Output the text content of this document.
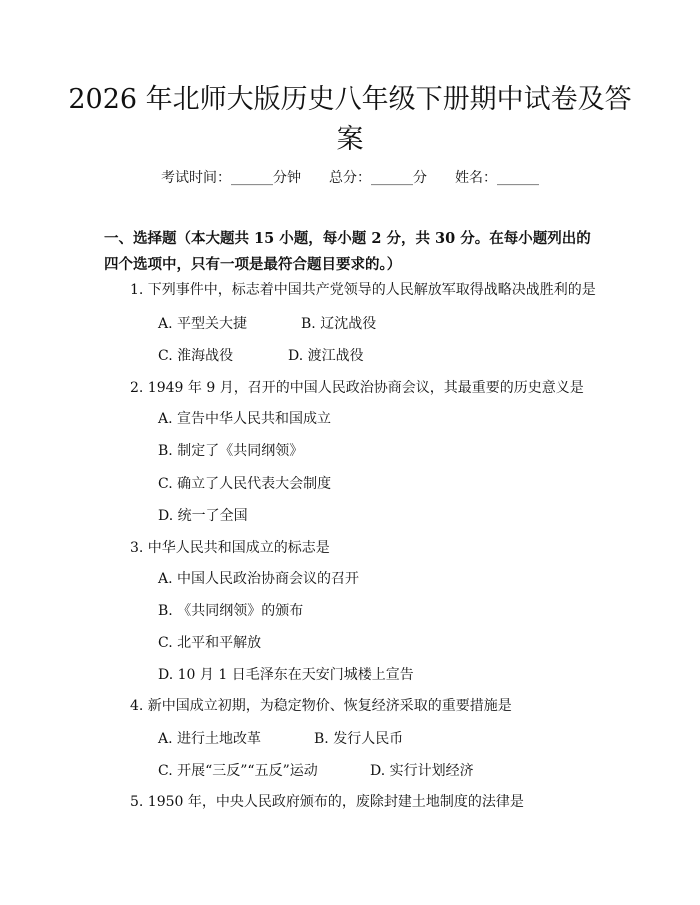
2026 年北师大版历史八年级下册期中试卷及答案
考试时间：______分钟　　总分：______分　　姓名：______

一、选择题（本大题共 15 小题，每小题 2 分，共 30 分。在每小题列出的四个选项中，只有一项是最符合题目要求的。）

1. 下列事件中，标志着中国共产党领导的人民解放军取得战略决战胜利的是
A. 平型关大捷	B. 辽沈战役
C. 淮海战役	D. 渡江战役
2. 1949 年 9 月，召开的中国人民政治协商会议，其最重要的历史意义是
A. 宣告中华人民共和国成立
B. 制定了《共同纲领》
C. 确立了人民代表大会制度
D. 统一了全国
3. 中华人民共和国成立的标志是
A. 中国人民政治协商会议的召开
B. 《共同纲领》的颁布
C. 北平和平解放
D. 10 月 1 日毛泽东在天安门城楼上宣告
4. 新中国成立初期，为稳定物价、恢复经济采取的重要措施是
A. 进行土地改革	B. 发行人民币
C. 开展“三反”“五反”运动	D. 实行计划经济
5. 1950 年，中央人民政府颁布的，废除封建土地制度的法律是
